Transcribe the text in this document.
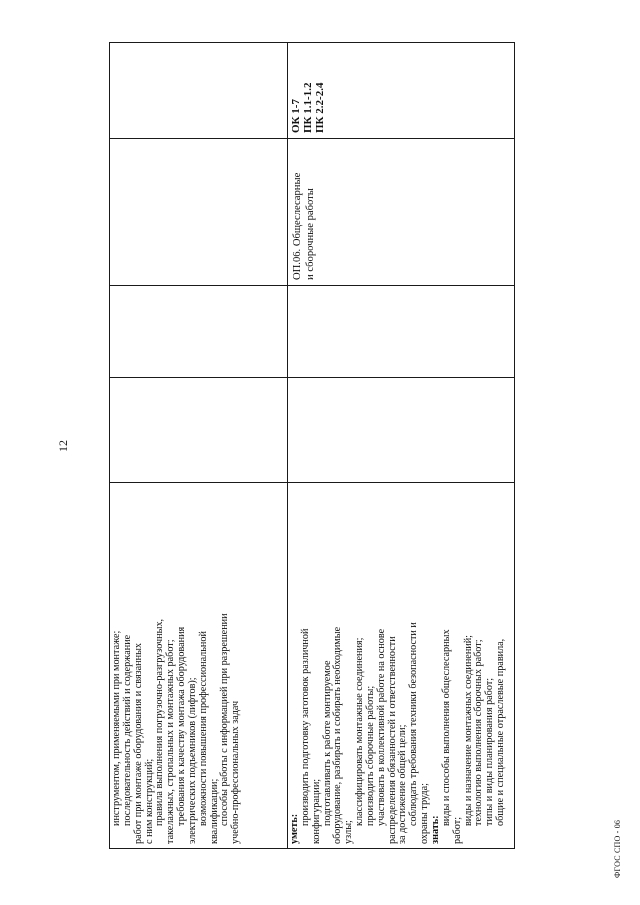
12
ФГОС СПО - 06

инструментом, применяемыми при монтаже; последовательность действий и содержание работ при монтаже оборудования и связанных с ним конструкций; правила выполнения погрузочно-разгрузочных, такелажных, стропальных и монтажных работ; требования к качеству монтажа оборудования электрических подъемников (лифтов); возможности повышения профессиональной квалификации; способы работы с информацией при разрешении учебно-профессиональных задач	уметь:

производить подготовку заготовок различной конфигурации; подготавливать к работе монтируемое оборудование, разбирать и собирать необходимые узлы;

классифицировать монтажные соединения; производить сборочные работы; участвовать в коллективной работе на основе распределения обязанностей и ответственности за достижение общей цели; соблюдать требования техники безопасности и охраны труда; знать:

виды и способы выполнения общеслесарных

работ;

виды и назначение монтажных соединений; технологию выполнения сборочных работ; типы и виды планирования работ; общие и специальные отраслевые правила,

ОП.06. Общеслесарные и сборочные работы

ОК 1-7 ПК 1.1-1.2 ПК 2.2-2.4
